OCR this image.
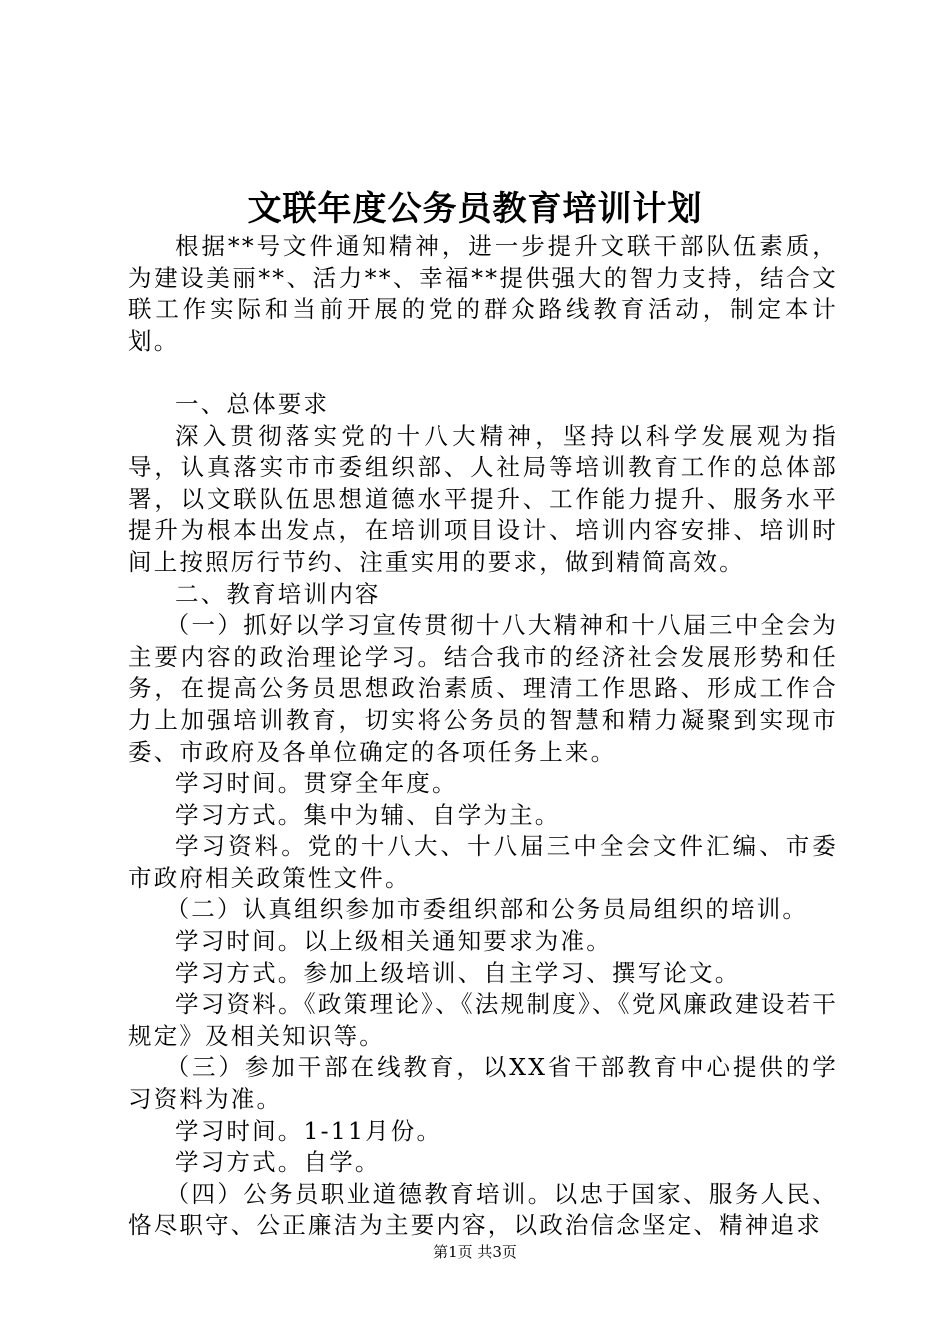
文联年度公务员教育培训计划

根据**号文件通知精神，进一步提升文联干部队伍素质，为建设美丽**、活力**、幸福**提供强大的智力支持，结合文联工作实际和当前开展的党的群众路线教育活动，制定本计划。

一、总体要求

深入贯彻落实党的十八大精神，坚持以科学发展观为指导，认真落实市市委组织部、人社局等培训教育工作的总体部署，以文联队伍思想道德水平提升、工作能力提升、服务水平提升为根本出发点，在培训项目设计、培训内容安排、培训时间上按照厉行节约、注重实用的要求，做到精简高效。

二、教育培训内容

（一）抓好以学习宣传贯彻十八大精神和十八届三中全会为主要内容的政治理论学习。结合我市的经济社会发展形势和任务，在提高公务员思想政治素质、理清工作思路、形成工作合力上加强培训教育，切实将公务员的智慧和精力凝聚到实现市委、市政府及各单位确定的各项任务上来。

学习时间。贯穿全年度。

学习方式。集中为辅、自学为主。

学习资料。党的十八大、十八届三中全会文件汇编、市委市政府相关政策性文件。

（二）认真组织参加市委组织部和公务员局组织的培训。

学习时间。以上级相关通知要求为准。

学习方式。参加上级培训、自主学习、撰写论文。

学习资料。《政策理论》、《法规制度》、《党风廉政建设若干规定》及相关知识等。

（三）参加干部在线教育，以XX省干部教育中心提供的学习资料为准。

学习时间。1-11月份。

学习方式。自学。

（四）公务员职业道德教育培训。以忠于国家、服务人民、恪尽职守、公正廉洁为主要内容，以政治信念坚定、精神追求

第1页 共3页
